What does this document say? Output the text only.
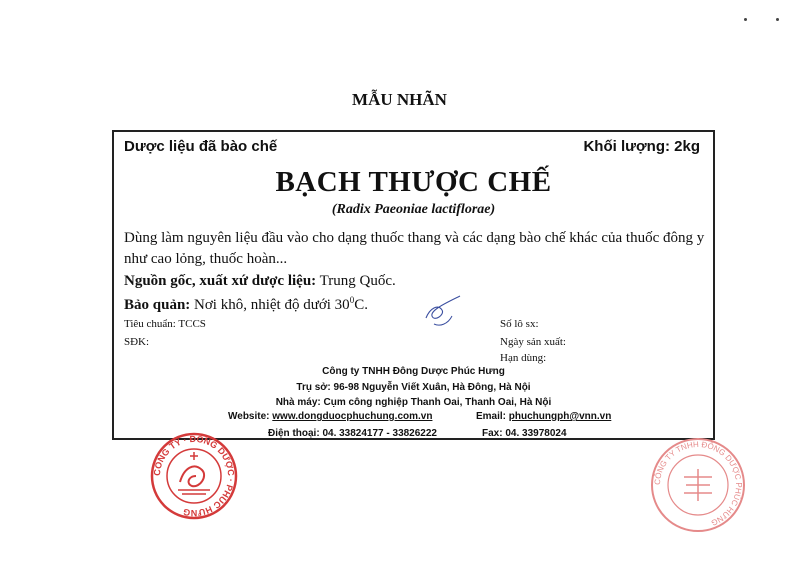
MẪU NHÃN
Dược liệu đã bào chế	Khối lượng: 2kg
BẠCH THƯỢC CHẾ
(Radix Paeoniae lactiflorae)
Dùng làm nguyên liệu đầu vào cho dạng thuốc thang và các dạng bào chế khác của thuốc đông y như cao lỏng, thuốc hoàn...
Nguồn gốc, xuất xứ dược liệu: Trung Quốc.
Bảo quản: Nơi khô, nhiệt độ dưới $30^0C$.
Tiêu chuẩn: TCCS
SĐK:
Số lô sx:
Ngày sản xuất:
Hạn dùng:
Công ty TNHH Đông Dược Phúc Hưng
Trụ sở: 96-98 Nguyễn Viết Xuân, Hà Đông, Hà Nội
Nhà máy: Cụm công nghiệp Thanh Oai, Thanh Oai, Hà Nội
Website: www.dongduocphuchung.com.vn	Email: phuchungph@vnn.vn
Điện thoại: 04. 33824177 - 33826222	Fax: 04. 33978024
CÔNG TY · ĐÔNG DƯỢC · PHÚC HƯNG
CÔNG TY TNHH ĐÔNG DƯỢC PHÚC HƯNG
